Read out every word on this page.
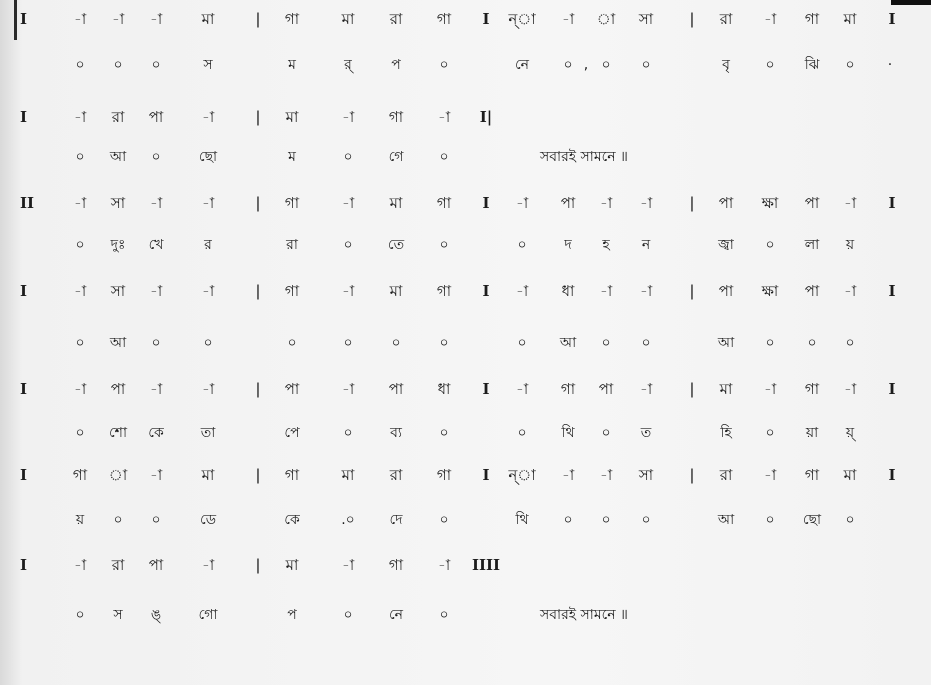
I	-া -া -া	মা	| গা	মা রা গা I ন্া -া া সা | রা -া গা মা I
০ ০ ০	স	ম	র্	প	০	নে ০ , ০ ০	বৃ	০ ঝি ০ ·
I	-া রা পা	-া	| মা	-া গা -া I|
০ আ ০	ছো	ম	০	গে	০	সবারই সামনে ॥
II	-া সা -া	-া	| গা	-া মা গা I -া পা -া -া | পা ক্ষা পা -া I
০ দুঃ খে	র	রা	০	তে	০	০	দ হ ন	জ্বা ০ লা য়
I	-া সা -া	-া	| গা	-া মা গা I -া ধা -া -া | পা ক্ষা পা -া I
০ আ ০	০	০	০	০	০	০ আ ০ ০	আ ০ ০ ০
I	-া পা -া	-া	| পা	-া পা ধা I -া গা পা -া | মা -া গা -া I
০ শো কে	তা	পে	০	ব্য	০	০ থি ০ ত	হি ০ য়া য়্
I	গা া -া	মা	| গা	মা রা গা I ন্া -া -া সা | রা -া গা মা I
য় ০ ০	ডে	কে	.০ দে	০	থি ০ ০ ০	আ ০ ছো ০
I	-া রা পা	-া	| মা	-া গা -া IIII
০ স ঙ্	গো	প	০	নে	০	সবারই সামনে ॥
